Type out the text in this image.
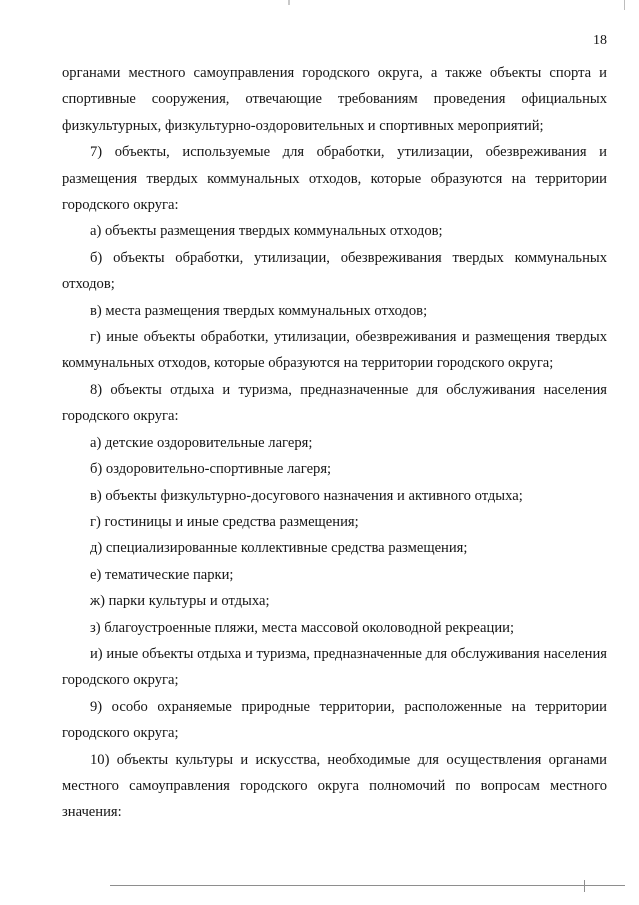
18

органами местного самоуправления городского округа, а также объекты спорта и спортивные сооружения, отвечающие требованиям проведения официальных физкультурных, физкультурно-оздоровительных и спортивных мероприятий;

7) объекты, используемые для обработки, утилизации, обезвреживания и размещения твердых коммунальных отходов, которые образуются на территории городского округа:

а) объекты размещения твердых коммунальных отходов;

б) объекты обработки, утилизации, обезвреживания твердых коммунальных отходов;

в) места размещения твердых коммунальных отходов;

г) иные объекты обработки, утилизации, обезвреживания и размещения твердых коммунальных отходов, которые образуются на территории городского округа;

8) объекты отдыха и туризма, предназначенные для обслуживания населения городского округа:

а) детские оздоровительные лагеря;

б) оздоровительно-спортивные лагеря;

в) объекты физкультурно-досугового назначения и активного отдыха;

г) гостиницы и иные средства размещения;

д) специализированные коллективные средства размещения;

е) тематические парки;

ж) парки культуры и отдыха;

з) благоустроенные пляжи, места массовой околоводной рекреации;

и) иные объекты отдыха и туризма, предназначенные для обслуживания населения городского округа;

9) особо охраняемые природные территории, расположенные на территории городского округа;

10) объекты культуры и искусства, необходимые для осуществления органами местного самоуправления городского округа полномочий по вопросам местного значения:
